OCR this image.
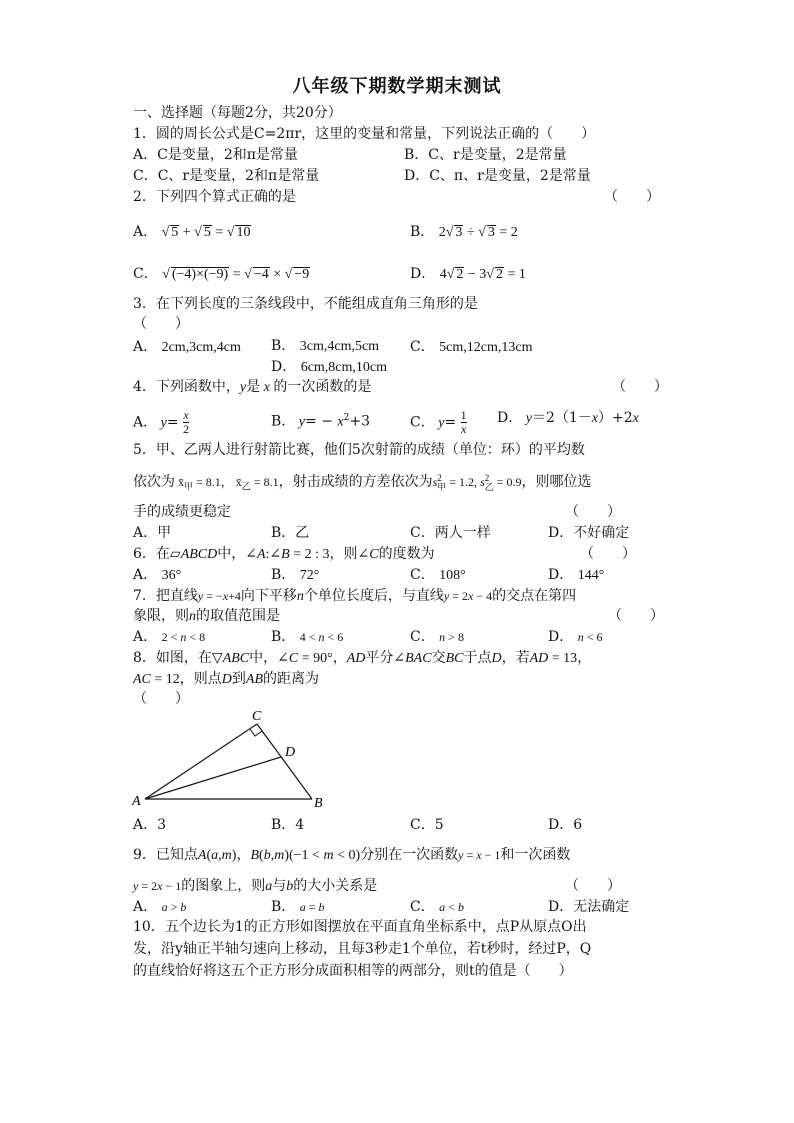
八年级下期数学期末测试
一、选择题（每题2分，共20分）
1．圆的周长公式是C=2πr，这里的变量和常量，下列说法正确的（　　）
A．C是变量，2和π是常量	B．C、r是变量，2是常量
C．C、r是变量，2和π是常量	D．C、π、r是变量，2是常量
2．下列四个算式正确的是	（　　）
A． √ 5 + √ 5 = √ 10	B． 2√ 3 ÷ √ 3 = 2
C． √ (−4)×(−9) = √ −4 × √ −9	D． 4√ 2 − 3√ 2 = 1
3．在下列长度的三条线段中，不能组成直角三角形的是
（　　）
A． 2cm,3cm,4cm B． 3cm,4cm,5cm C． 5cm,12cm,13cm
D． 6cm,8cm,10cm
4．下列函数中，y是 x 的一次函数的是	（　　）
A． $y= \frac{x}{2}$	B． $y= - x^2+3$	C． $y= \frac{1}{x}$ D． y＝2（1－x）+2x
5．甲、乙两人进行射箭比赛，他们5次射箭的成绩（单位：环）的平均数
依次为 $x̄_甲 = 8.1$， $x̄_乙 = 8.1$，射击成绩的方差依次为s 2
甲 = 1.2, s 2
乙 = 0.9，则哪位选
手的成绩更稳定	（　　）
A．甲	B．乙	C．两人一样	D．不好确定
6．在▱ABCD中，∠A:∠B = 2 : 3，则∠C的度数为	（　　）
A． 36°	B． 72°	C． 108°	D． 144°
7．把直线y = −x+4向下平移n个单位长度后，与直线y = 2x − 4的交点在第四
象限，则n的取值范围是	（　　）
A． 2 < n < 8	B． 4 < n < 6	C． n > 8	D． n < 6
8．如图，在▽ABC中，∠C = 90°，AD平分∠BAC交BC于点D，若AD = 13，
AC = 12，则点D到AB的距离为
（　　）
C
D
A	B
A．3	B．4	C．5	D．6
9．已知点A(a,m)，B(b,m)(−1 < m < 0)分别在一次函数y = x − 1和一次函数
y = 2x − 1的图象上，则a与b的大小关系是	（　　）
A． a > b	B． a = b	C． a < b	D．无法确定
10．五个边长为1的正方形如图摆放在平面直角坐标系中，点P从原点O出
发，沿y轴正半轴匀速向上移动，且每3秒走1个单位，若t秒时，经过P，Q
的直线恰好将这五个正方形分成面积相等的两部分，则t的值是（　　）
